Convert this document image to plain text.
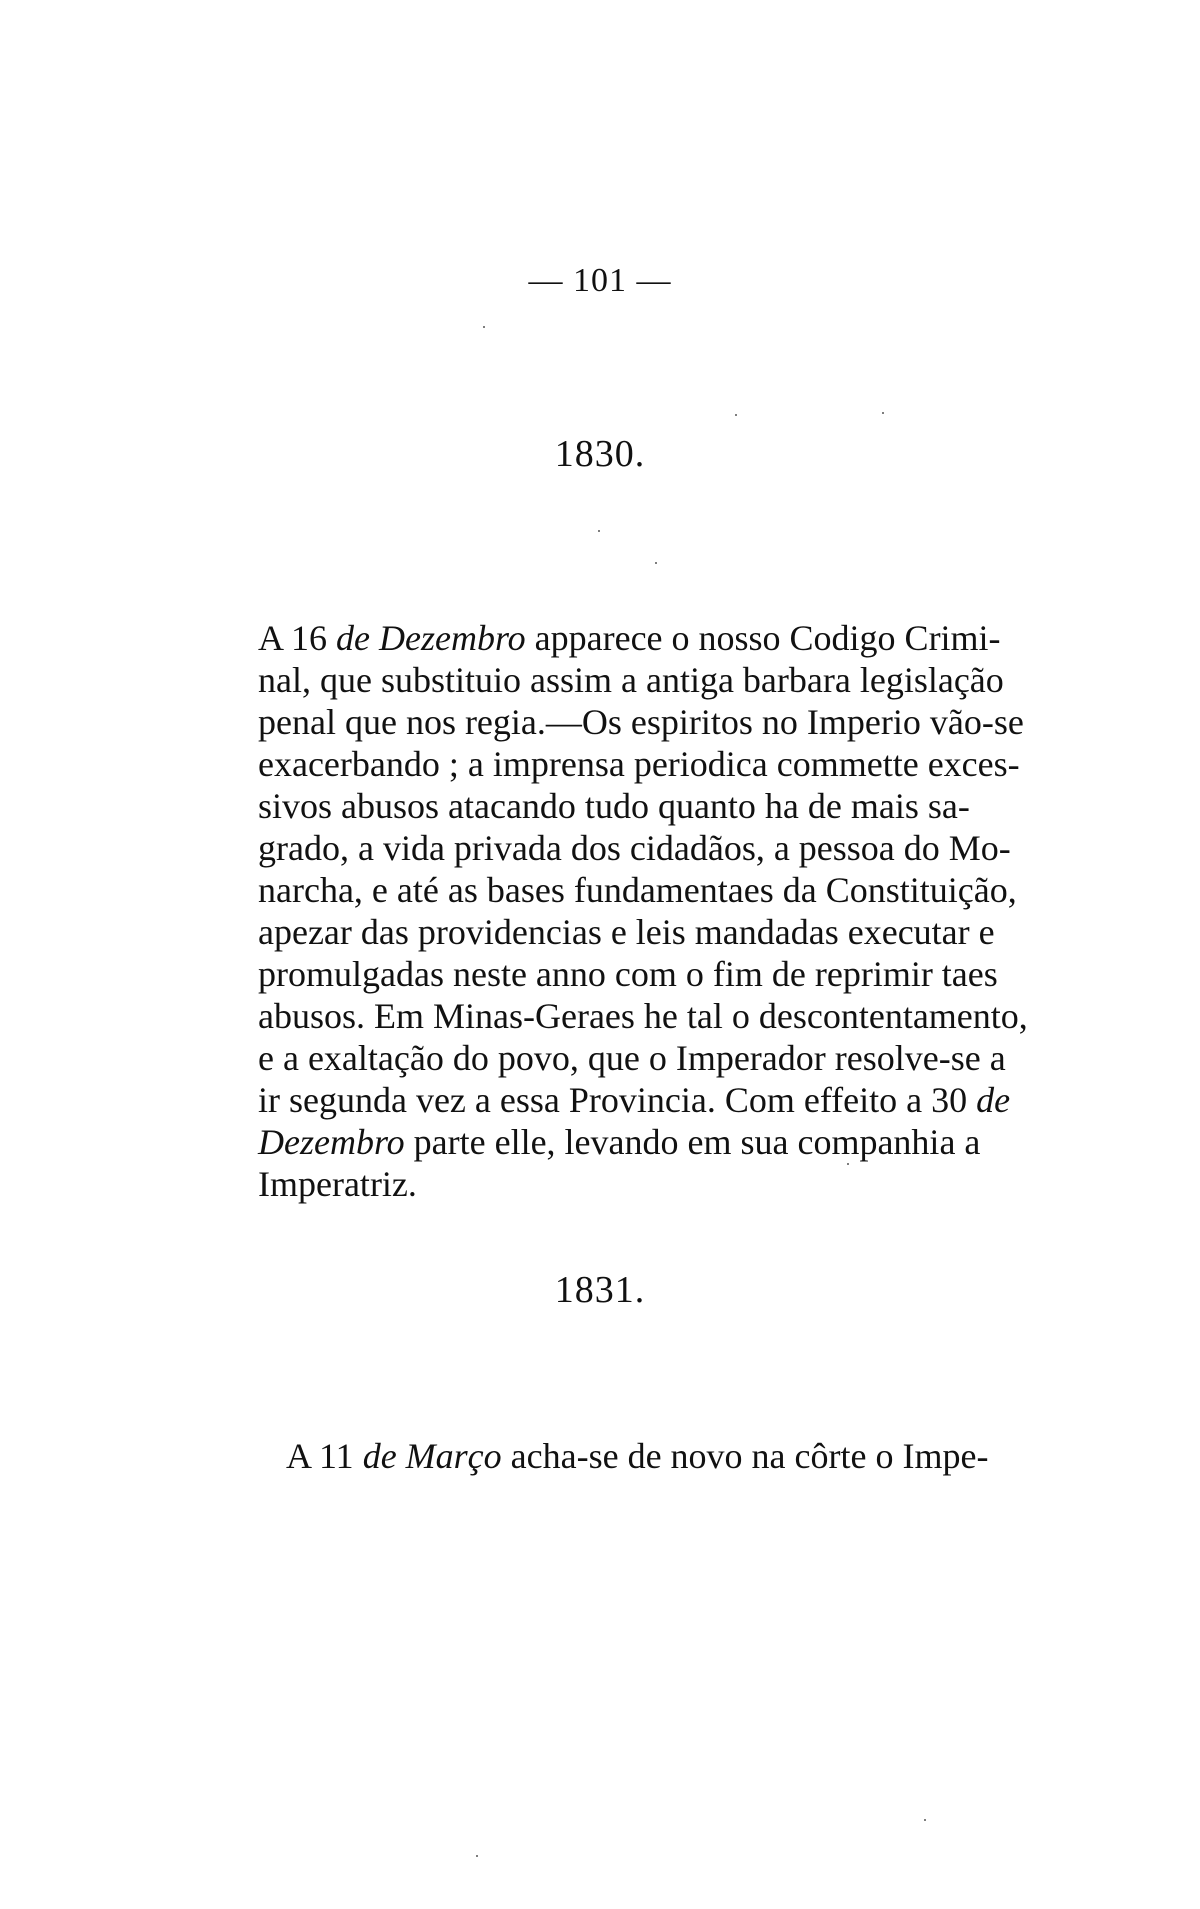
— 101 —
1830.
A 16 de Dezembro apparece o nosso Codigo Crimi-
nal, que substituio assim a antiga barbara legislação
penal que nos regia.—Os espiritos no Imperio vão-se
exacerbando ; a imprensa periodica commette exces-
sivos abusos atacando tudo quanto ha de mais sa-
grado, a vida privada dos cidadãos, a pessoa do Mo-
narcha, e até as bases fundamentaes da Constituição,
apezar das providencias e leis mandadas executar e
promulgadas neste anno com o fim de reprimir taes
abusos. Em Minas-Geraes he tal o descontentamento,
e a exaltação do povo, que o Imperador resolve-se a
ir segunda vez a essa Provincia. Com effeito a 30 de
Dezembro parte elle, levando em sua companhia a
Imperatriz.
1831.
A 11 de Março acha-se de novo na côrte o Impe-
